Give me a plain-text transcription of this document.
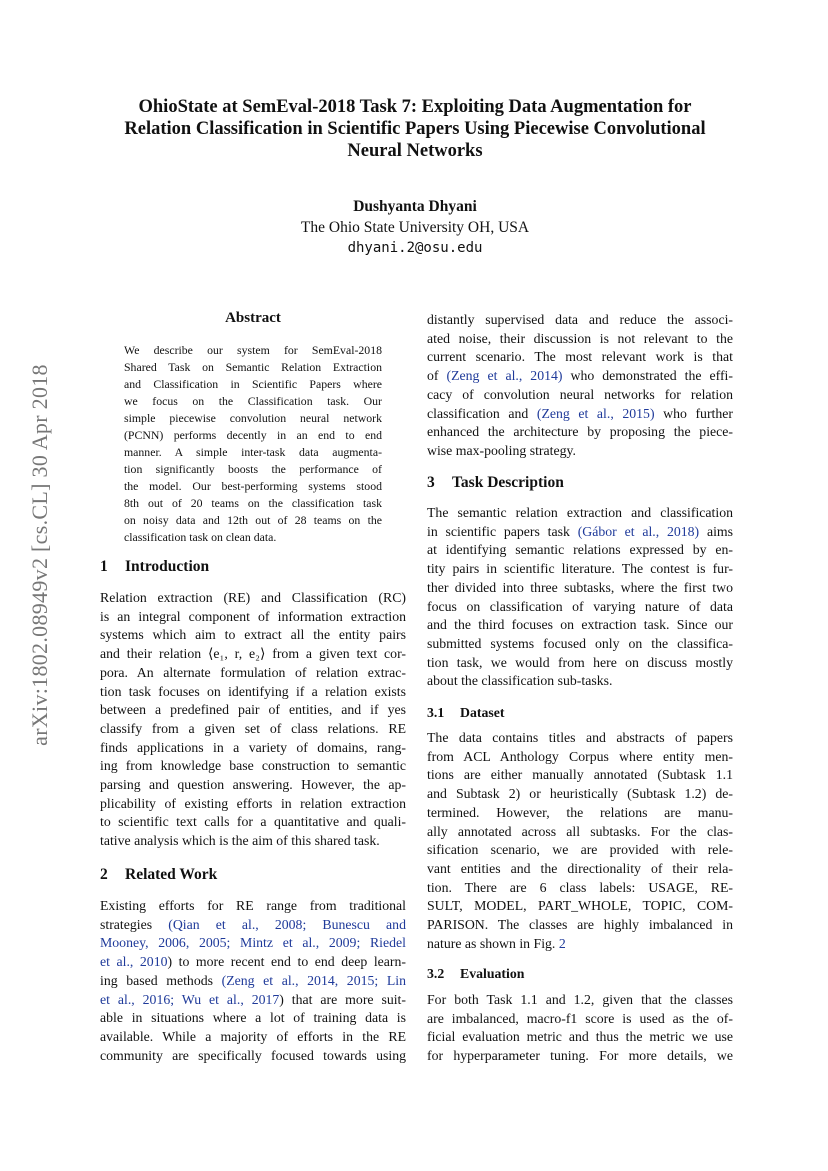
OhioState at SemEval-2018 Task 7: Exploiting Data Augmentation for
Relation Classification in Scientific Papers Using Piecewise Convolutional
Neural Networks
Dushyanta Dhyani
The Ohio State University OH, USA
dhyani.2@osu.edu
arXiv:1802.08949v2 [cs.CL] 30 Apr 2018
Abstract
We describe our system for SemEval-2018
Shared Task on Semantic Relation Extraction
and Classification in Scientific Papers where
we focus on the Classification task. Our
simple piecewise convolution neural network
(PCNN) performs decently in an end to end
manner. A simple inter-task data augmenta-
tion significantly boosts the performance of
the model. Our best-performing systems stood
8th out of 20 teams on the classification task
on noisy data and 12th out of 28 teams on the
classification task on clean data.
1 Introduction
Relation extraction (RE) and Classification (RC)
is an integral component of information extraction
systems which aim to extract all the entity pairs
and their relation ⟨e₁, r, e₂⟩ from a given text cor-
pora. An alternate formulation of relation extrac-
tion task focuses on identifying if a relation exists
between a predefined pair of entities, and if yes
classify from a given set of class relations. RE
finds applications in a variety of domains, rang-
ing from knowledge base construction to semantic
parsing and question answering. However, the ap-
plicability of existing efforts in relation extraction
to scientific text calls for a quantitative and quali-
tative analysis which is the aim of this shared task.
2 Related Work
Existing efforts for RE range from traditional
strategies (Qian et al., 2008; Bunescu and
Mooney, 2006, 2005; Mintz et al., 2009; Riedel
et al., 2010) to more recent end to end deep learn-
ing based methods (Zeng et al., 2014, 2015; Lin
et al., 2016; Wu et al., 2017) that are more suit-
able in situations where a lot of training data is
available. While a majority of efforts in the RE
community are specifically focused towards using
distantly supervised data and reduce the associ-
ated noise, their discussion is not relevant to the
current scenario. The most relevant work is that
of (Zeng et al., 2014) who demonstrated the effi-
cacy of convolution neural networks for relation
classification and (Zeng et al., 2015) who further
enhanced the architecture by proposing the piece-
wise max-pooling strategy.
3 Task Description
The semantic relation extraction and classification
in scientific papers task (Gábor et al., 2018) aims
at identifying semantic relations expressed by en-
tity pairs in scientific literature. The contest is fur-
ther divided into three subtasks, where the first two
focus on classification of varying nature of data
and the third focuses on extraction task. Since our
submitted systems focused only on the classifica-
tion task, we would from here on discuss mostly
about the classification sub-tasks.
3.1 Dataset
The data contains titles and abstracts of papers
from ACL Anthology Corpus where entity men-
tions are either manually annotated (Subtask 1.1
and Subtask 2) or heuristically (Subtask 1.2) de-
termined. However, the relations are manu-
ally annotated across all subtasks. For the clas-
sification scenario, we are provided with rele-
vant entities and the directionality of their rela-
tion. There are 6 class labels: USAGE, RE-
SULT, MODEL, PART_WHOLE, TOPIC, COM-
PARISON. The classes are highly imbalanced in
nature as shown in Fig. 2
3.2 Evaluation
For both Task 1.1 and 1.2, given that the classes
are imbalanced, macro-f1 score is used as the of-
ficial evaluation metric and thus the metric we use
for hyperparameter tuning. For more details, we
